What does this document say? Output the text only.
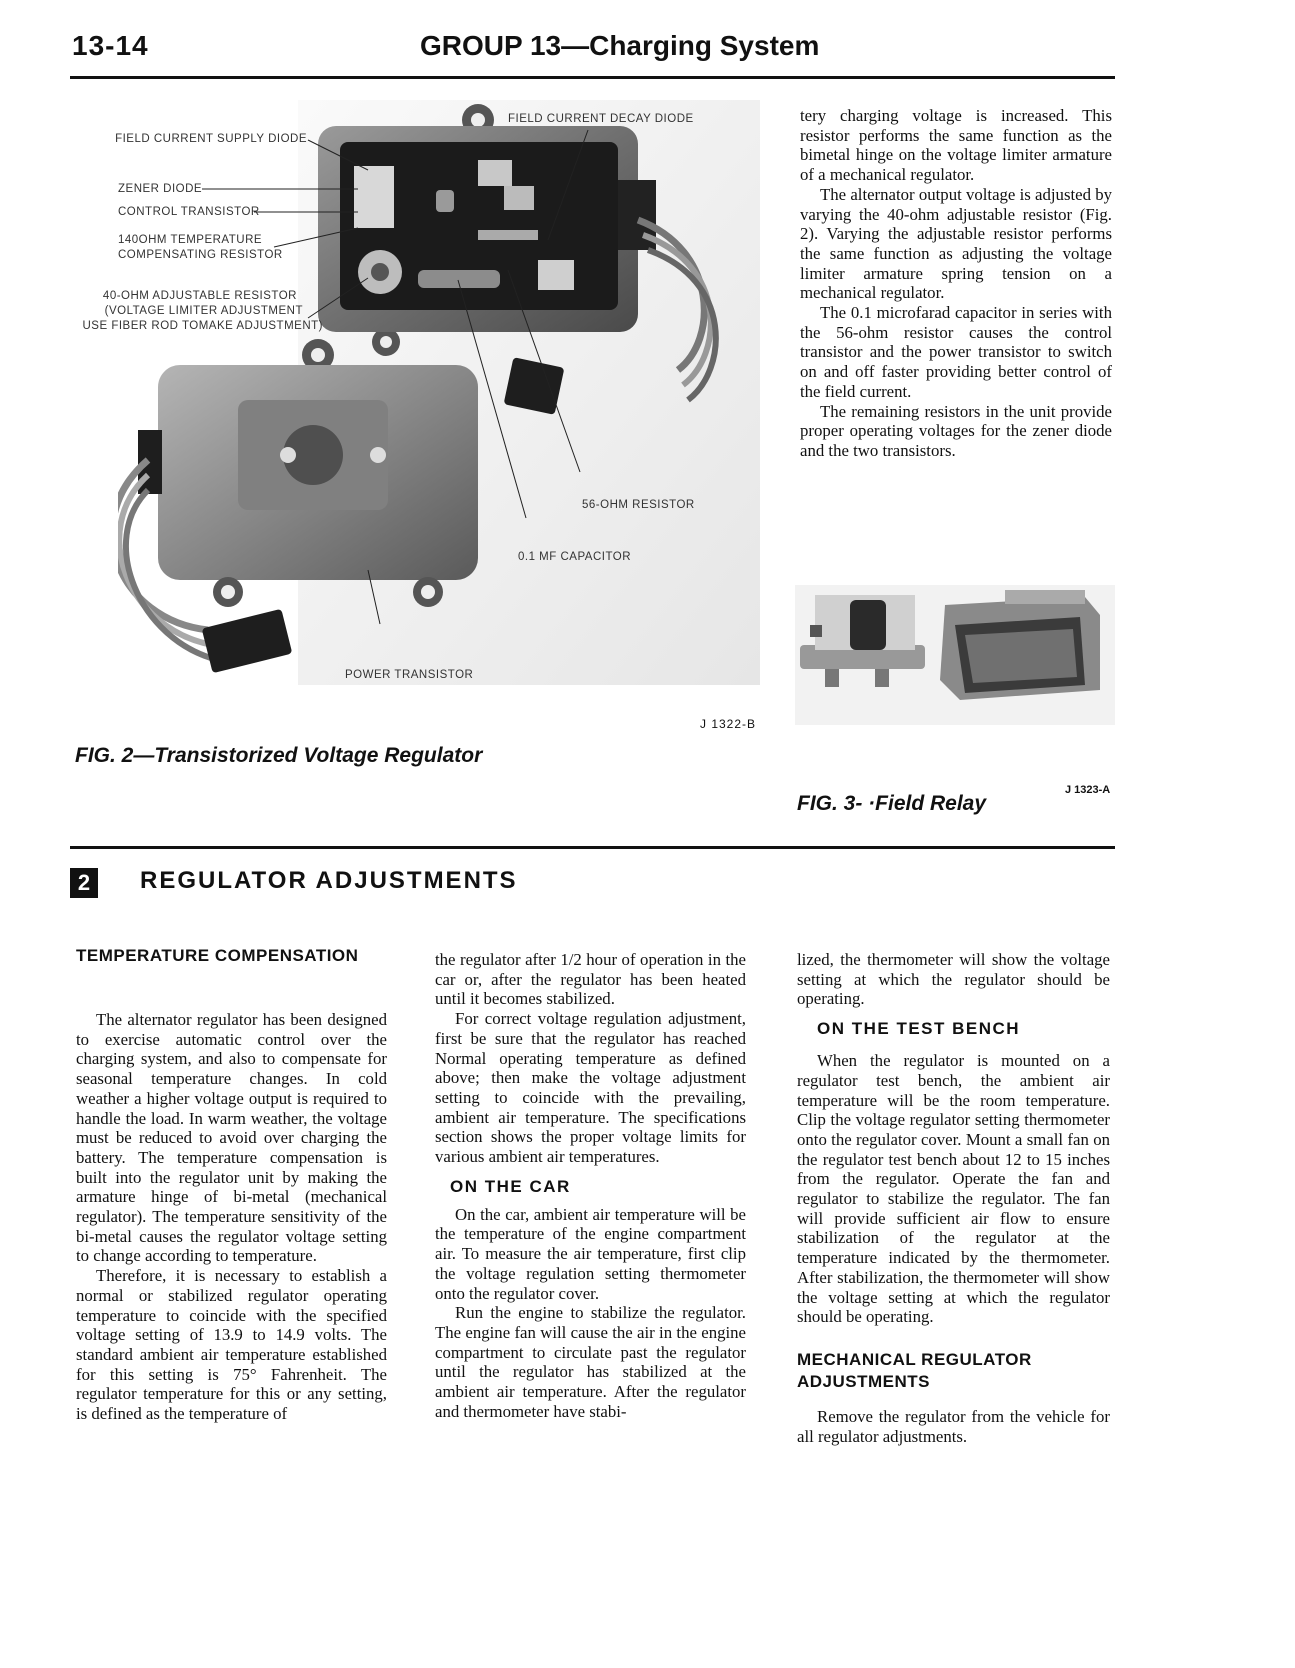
13-14	GROUP 13—Charging System
FIELD CURRENT SUPPLY DIODE
FIELD CURRENT DECAY DIODE
ZENER DIODE
CONTROL TRANSISTOR
140OHM TEMPERATURE
COMPENSATING RESISTOR
40-OHM ADJUSTABLE RESISTOR
(VOLTAGE LIMITER ADJUSTMENT
USE FIBER ROD TOMAKE ADJUSTMENT)
56-OHM RESISTOR
0.1 MF CAPACITOR
POWER TRANSISTOR
J 1322-B
FIG. 2—Transistorized Voltage Regulator

tery charging voltage is increased. This resistor performs the same function as the bimetal hinge on the voltage limiter armature of a mechanical regulator.

The alternator output voltage is adjusted by varying the 40-ohm adjustable resistor (Fig. 2). Varying the adjustable resistor performs the same function as adjusting the voltage limiter armature spring tension on a mechanical regulator.

The 0.1 microfarad capacitor in series with the 56-ohm resistor causes the control transistor and the power transistor to switch on and off faster providing better control of the field current.

The remaining resistors in the unit provide proper operating voltages for the zener diode and the two transistors.

J 1323-A
FIG. 3- ·Field Relay
2	REGULATOR ADJUSTMENTS
TEMPERATURE COMPENSATION

The alternator regulator has been designed to exercise automatic control over the charging system, and also to compensate for seasonal temperature changes. In cold weather a higher voltage output is required to handle the load. In warm weather, the voltage must be reduced to avoid over charging the battery. The temperature compensation is built into the regulator unit by making the armature hinge of bi-metal (mechanical regulator). The temperature sensitivity of the bi-metal causes the regulator voltage setting to change according to temperature.

Therefore, it is necessary to establish a normal or stabilized regulator operating temperature to coincide with the specified voltage setting of 13.9 to 14.9 volts. The standard ambient air temperature established for this setting is 75° Fahrenheit. The regulator temperature for this or any setting, is defined as the temperature of

the regulator after 1/2 hour of operation in the car or, after the regulator has been heated until it becomes stabilized.

For correct voltage regulation adjustment, first be sure that the regulator has reached Normal operating temperature as defined above; then make the voltage adjustment setting to coincide with the prevailing, ambient air temperature. The specifications section shows the proper voltage limits for various ambient air temperatures.

ON THE CAR

On the car, ambient air temperature will be the temperature of the engine compartment air. To measure the air temperature, first clip the voltage regulation setting thermometer onto the regulator cover.

Run the engine to stabilize the regulator. The engine fan will cause the air in the engine compartment to circulate past the regulator until the regulator has stabilized at the ambient air temperature. After the regulator and thermometer have stabi-

lized, the thermometer will show the voltage setting at which the regulator should be operating.

ON THE TEST BENCH

When the regulator is mounted on a regulator test bench, the ambient air temperature will be the room temperature. Clip the voltage regulator setting thermometer onto the regulator cover. Mount a small fan on the regulator test bench about 12 to 15 inches from the regulator. Operate the fan and regulator to stabilize the regulator. The fan will provide sufficient air flow to ensure stabilization of the regulator at the temperature indicated by the thermometer. After stabilization, the thermometer will show the voltage setting at which the regulator should be operating.

MECHANICAL REGULATOR
ADJUSTMENTS

Remove the regulator from the vehicle for all regulator adjustments.
